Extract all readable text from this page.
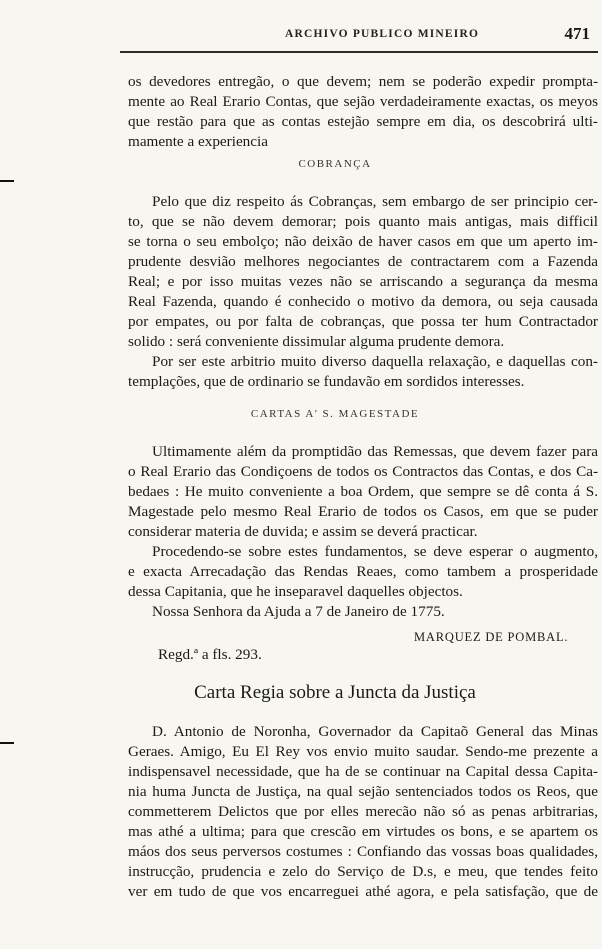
ARCHIVO PUBLICO MINEIRO	471
os devedores entregão, o que devem; nem se poderão expedir prompta-
mente ao Real Erario Contas, que sejão verdadeiramente exactas, os meyos
que restão para que as contas estejão sempre em dia, os descobrirá ulti-
mamente a experiencia
COBRANÇA
Pelo que diz respeito ás Cobranças, sem embargo de ser principio cer-
to, que se não devem demorar; pois quanto mais antigas, mais difficil
se torna o seu embolço; não deixão de haver casos em que um aperto im-
prudente desvião melhores negociantes de contractarem com a Fazenda
Real; e por isso muitas vezes não se arriscando a segurança da mesma
Real Fazenda, quando é conhecido o motivo da demora, ou seja causada
por empates, ou por falta de cobranças, que possa ter hum Contractador
solido : será conveniente dissimular alguma prudente demora.
Por ser este arbitrio muito diverso daquella relaxação, e daquellas con-
templações, que de ordinario se fundavão em sordidos interesses.
CARTAS A' S. MAGESTADE
Ultimamente além da promptidão das Remessas, que devem fazer para
o Real Erario das Condiçoens de todos os Contractos das Contas, e dos Ca-
bedaes : He muito conveniente a boa Ordem, que sempre se dê conta á S.
Magestade pelo mesmo Real Erario de todos os Casos, em que se puder
considerar materia de duvida; e assim se deverá practicar.
Procedendo-se sobre estes fundamentos, se deve esperar o augmento,
e exacta Arrecadação das Rendas Reaes, como tambem a prosperidade
dessa Capitania, que he inseparavel daquelles objectos.
Nossa Senhora da Ajuda a 7 de Janeiro de 1775.
MARQUEZ DE POMBAL.
Regd.ª a fls. 293.
Carta Regia sobre a Juncta da Justiça
D. Antonio de Noronha, Governador da Capitaõ General das Minas
Geraes. Amigo, Eu El Rey vos envio muito saudar. Sendo-me prezente a
indispensavel necessidade, que ha de se continuar na Capital dessa Capita-
nia huma Juncta de Justiça, na qual sejão sentenciados todos os Reos, que
commetterem Delictos que por elles merecão não só as penas arbitrarias,
mas athé a ultima; para que crescão em virtudes os bons, e se apartem os
máos dos seus perversos costumes : Confiando das vossas boas qualidades,
instrucção, prudencia e zelo do Serviço de D.s, e meu, que tendes feito
ver em tudo de que vos encarreguei athé agora, e pela satisfação, que de
